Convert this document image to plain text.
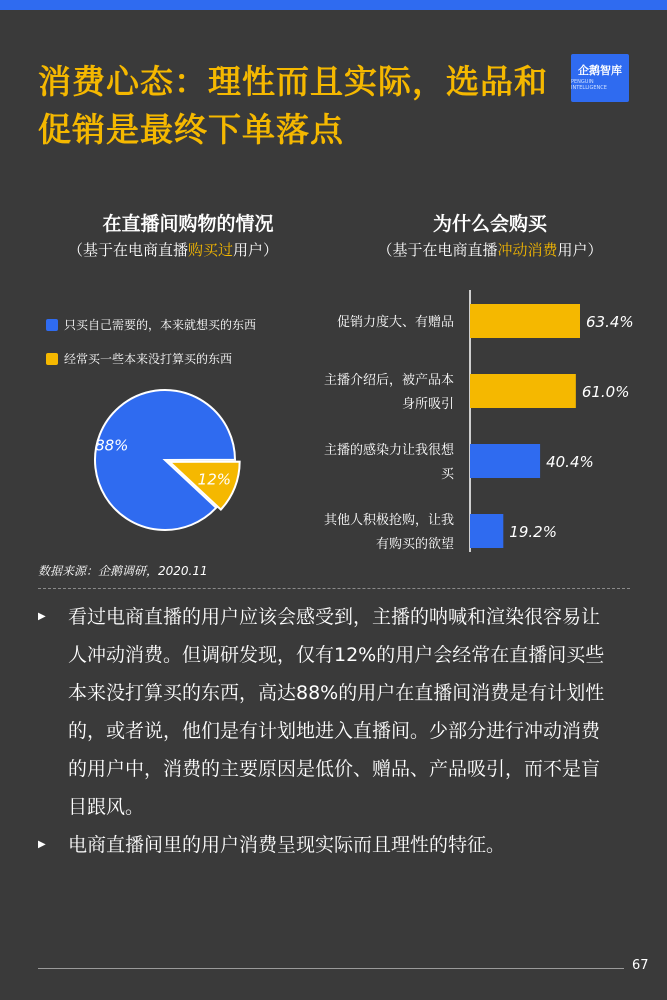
消费心态：理性而且实际，选品和促销是最终下单落点
企鹅智库
PENGUIN INTELLIGENCE
在直播间购物的情况
（基于在电商直播购买过用户）
为什么会购买
（基于在电商直播冲动消费用户）
只买自己需要的，本来就想买的东西
经常买一些本来没打算买的东西
88%
12%
63.4%
促销力度大、有赠品
61.0%
主播介绍后，被产品本
身所吸引
40.4%
主播的感染力让我很想
买
19.2%
其他人积极抢购，让我
有购买的欲望
数据来源：企鹅调研，2020.11
▶	看过电商直播的用户应该会感受到，主播的呐喊和渲染很容易让人冲动消费。但调研发现，仅有12%的用户会经常在直播间买些本来没打算买的东西，高达88%的用户在直播间消费是有计划性的，或者说，他们是有计划地进入直播间。少部分进行冲动消费的用户中，消费的主要原因是低价、赠品、产品吸引，而不是盲目跟风。
▶	电商直播间里的用户消费呈现实际而且理性的特征。
67
